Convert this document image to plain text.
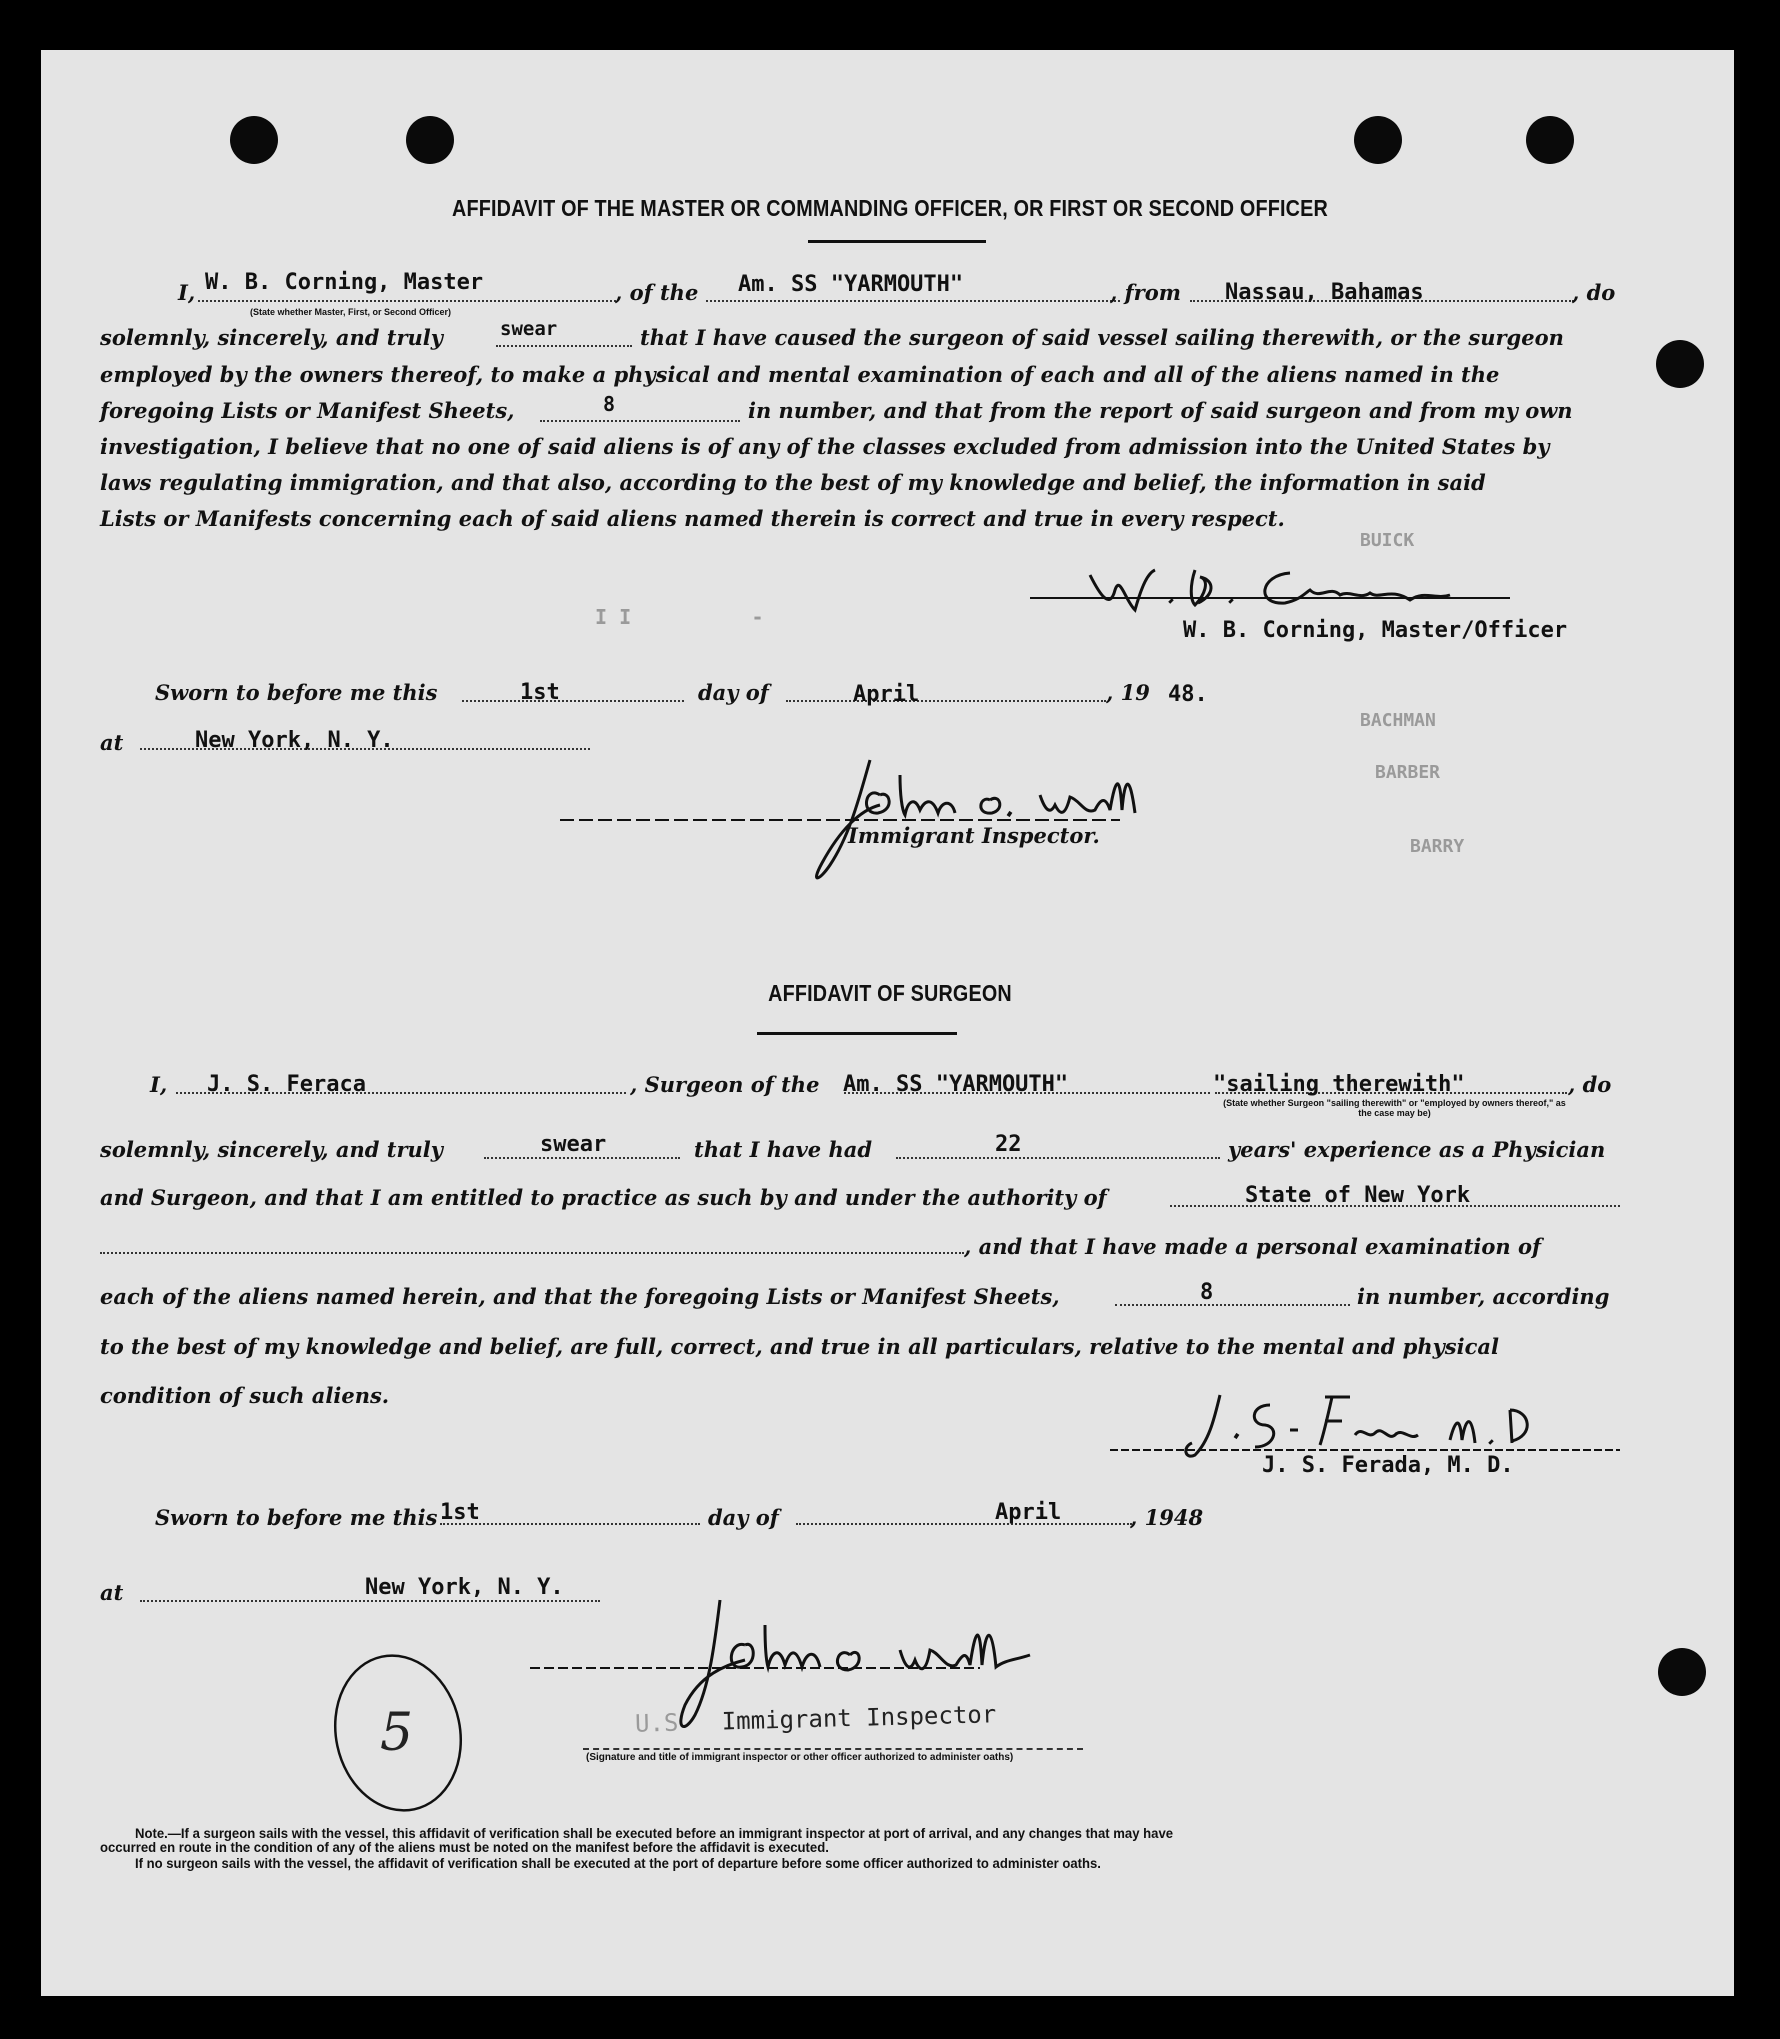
AFFIDAVIT OF THE MASTER OR COMMANDING OFFICER, OR FIRST OR SECOND OFFICER
I, W. B. Corning, Master
(State whether Master, First, or Second Officer)
, of the Am. SS "YARMOUTH"	, from Nassau, Bahamas	, do
solemnly, sincerely, and truly	swear	that I have caused the surgeon of said vessel sailing therewith, or the surgeon
employed by the owners thereof, to make a physical and mental examination of each and all of the aliens named in the
foregoing Lists or Manifest Sheets,	8	in number, and that from the report of said surgeon and from my own
investigation, I believe that no one of said aliens is of any of the classes excluded from admission into the United States by
laws regulating immigration, and that also, according to the best of my knowledge and belief, the information in said
Lists or Manifests concerning each of said aliens named therein is correct and true in every respect.
W. B. Corning, Master/Officer
Sworn to before me this	1st	day of	April	, 19 48.
at	New York, N. Y.
Immigrant Inspector.
I I          -
BUICK
BACHMAN
BARBER
BARRY
AFFIDAVIT OF SURGEON
I, J. S. Feraca	, Surgeon of the Am. SS "YARMOUTH"	"sailing therewith"
(State whether Surgeon "sailing therewith" or "employed by owners thereof," as the case may be)
, do
solemnly, sincerely, and truly	swear	that I have had	22	years' experience as a Physician
and Surgeon, and that I am entitled to practice as such by and under the authority of	State of New York
, and that I have made a personal examination of
each of the aliens named herein, and that the foregoing Lists or Manifest Sheets,	8	in number, according
to the best of my knowledge and belief, are full, correct, and true in all particulars, relative to the mental and physical
condition of such aliens.
J. S. Ferada, M. D.
Sworn to before me this 1st	day of	April	, 1948
at	New York, N. Y.
5	U.S Immigrant Inspector
(Signature and title of immigrant inspector or other officer authorized to administer oaths)
Note.—If a surgeon sails with the vessel, this affidavit of verification shall be executed before an immigrant inspector at port of arrival, and any changes that may have
occurred en route in the condition of any of the aliens must be noted on the manifest before the affidavit is executed.
If no surgeon sails with the vessel, the affidavit of verification shall be executed at the port of departure before some officer authorized to administer oaths.
